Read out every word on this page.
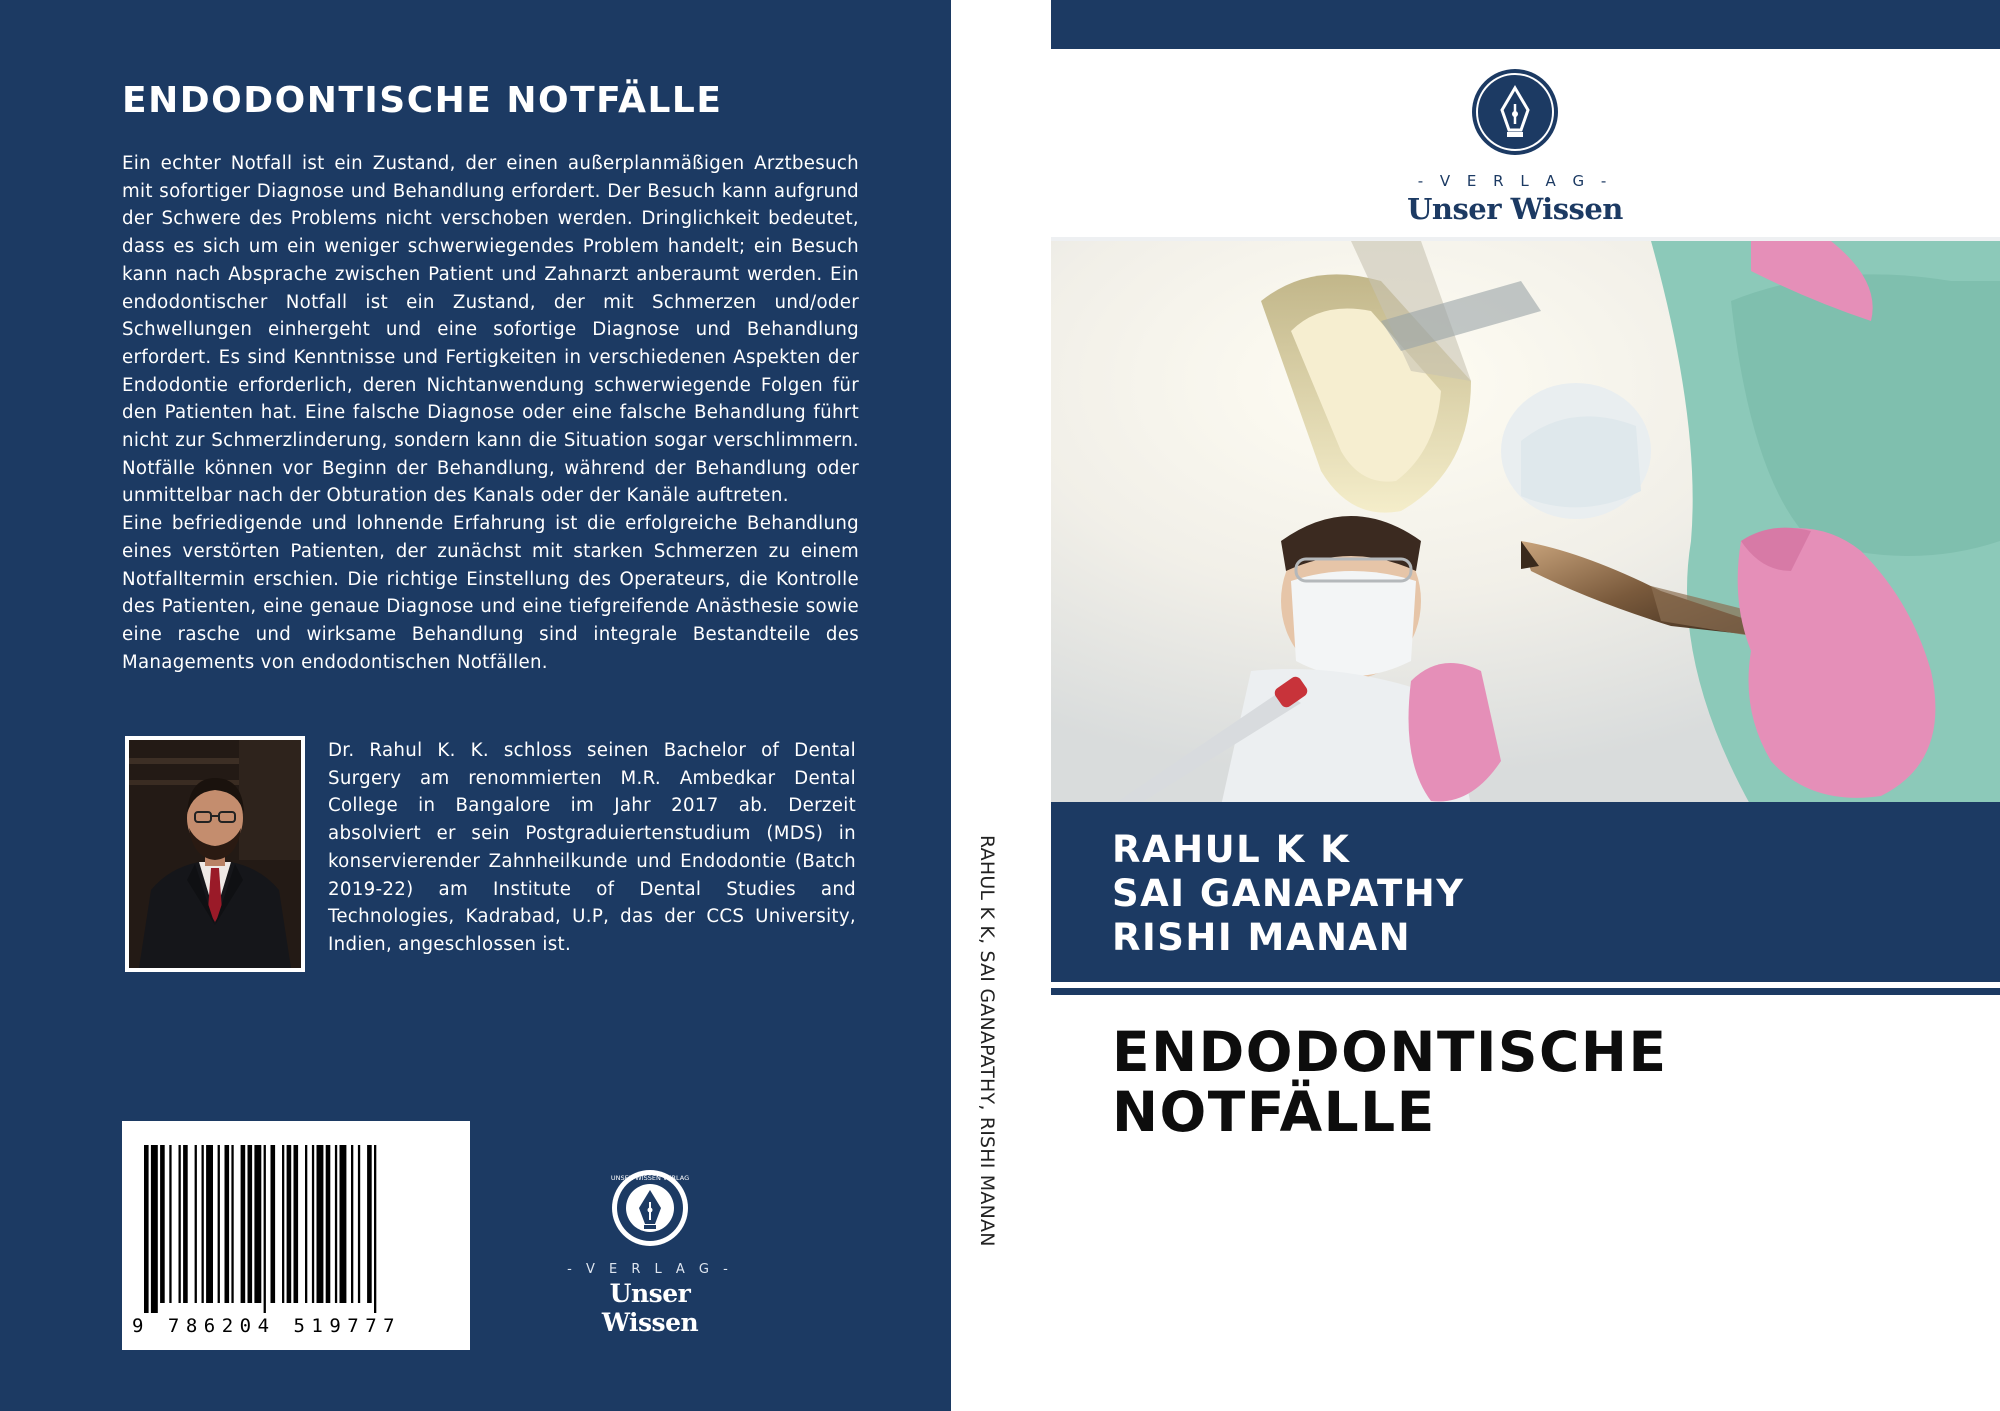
ENDODONTISCHE NOTFÄLLE

Ein echter Notfall ist ein Zustand, der einen außerplanmäßigen Arztbesuch mit sofortiger Diagnose und Behandlung erfordert. Der Besuch kann aufgrund der Schwere des Problems nicht verschoben werden. Dringlichkeit bedeutet, dass es sich um ein weniger schwerwiegendes Problem handelt; ein Besuch kann nach Absprache zwischen Patient und Zahnarzt anberaumt werden. Ein endodontischer Notfall ist ein Zustand, der mit Schmerzen und/oder Schwellungen einhergeht und eine sofortige Diagnose und Behandlung erfordert. Es sind Kenntnisse und Fertigkeiten in verschiedenen Aspekten der Endodontie erforderlich, deren Nichtanwendung schwerwiegende Folgen für den Patienten hat. Eine falsche Diagnose oder eine falsche Behandlung führt nicht zur Schmerzlinderung, sondern kann die Situation sogar verschlimmern. Notfälle können vor Beginn der Behandlung, während der Behandlung oder unmittelbar nach der Obturation des Kanals oder der Kanäle auftreten.

Eine befriedigende und lohnende Erfahrung ist die erfolgreiche Behandlung eines verstörten Patienten, der zunächst mit starken Schmerzen zu einem Notfalltermin erschien. Die richtige Einstellung des Operateurs, die Kontrolle des Patienten, eine genaue Diagnose und eine tiefgreifende Anästhesie sowie eine rasche und wirksame Behandlung sind integrale Bestandteile des Managements von endodontischen Notfällen.

Dr. Rahul K. K. schloss seinen Bachelor of Dental Surgery am renommierten M.R. Ambedkar Dental College in Bangalore im Jahr 2017 ab. Derzeit absolviert er sein Postgraduiertenstudium (MDS) in konservierender Zahnheilkunde und Endodontie (Batch 2019-22) am Institute of Dental Studies and Technologies, Kadrabad, U.P, das der CCS University, Indien, angeschlossen ist.
9 786204 519777
UNSER WISSEN VERLAG
- V E R L A G -
Unser Wissen
RAHUL K K, SAI GANAPATHY, RISHI MANAN
- V E R L A G -
Unser Wissen
RAHUL K K
SAI GANAPATHY
RISHI MANAN
ENDODONTISCHE
NOTFÄLLE
